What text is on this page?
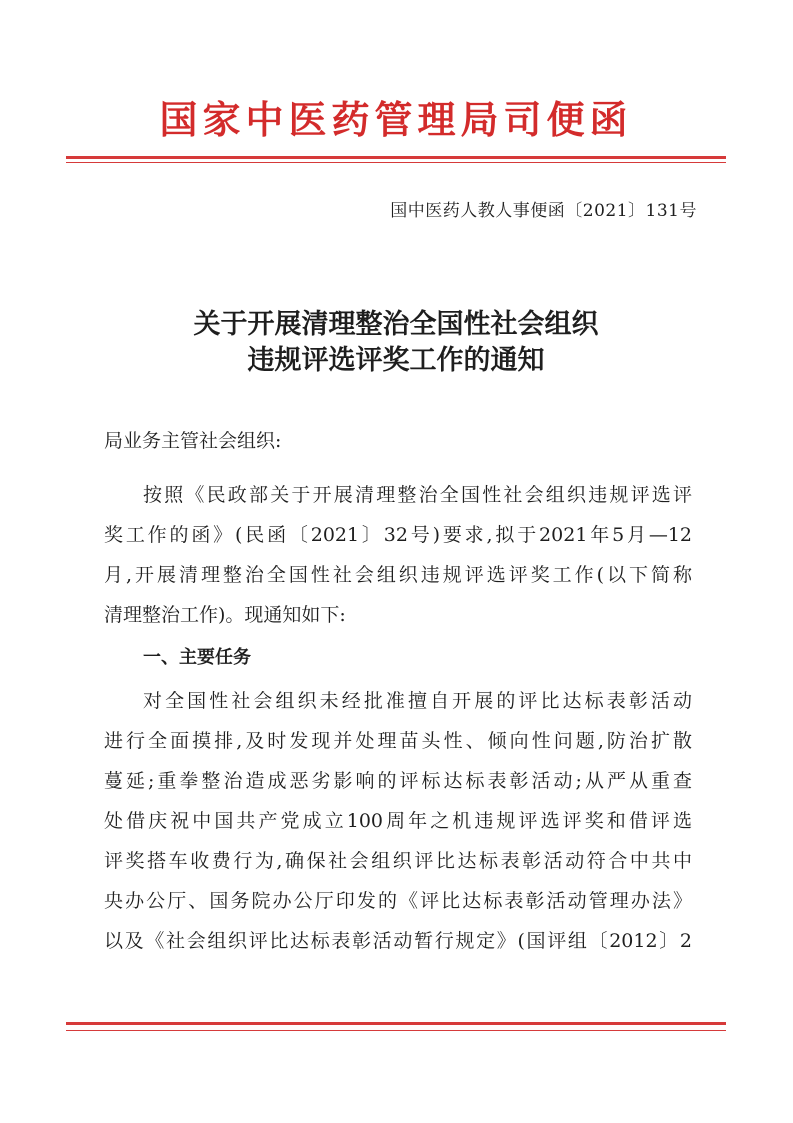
国家中医药管理局司便函
国中医药人教人事便函〔2021〕131号
关于开展清理整治全国性社会组织
违规评选评奖工作的通知
局业务主管社会组织:
按照《民政部关于开展清理整治全国性社会组织违规评选评
奖工作的函》(民函〔2021〕32号)要求,拟于2021年5月—12
月,开展清理整治全国性社会组织违规评选评奖工作(以下简称
清理整治工作)。现通知如下:
一、主要任务
对全国性社会组织未经批准擅自开展的评比达标表彰活动
进行全面摸排,及时发现并处理苗头性、倾向性问题,防治扩散
蔓延;重拳整治造成恶劣影响的评标达标表彰活动;从严从重查
处借庆祝中国共产党成立100周年之机违规评选评奖和借评选
评奖搭车收费行为,确保社会组织评比达标表彰活动符合中共中
央办公厅、国务院办公厅印发的《评比达标表彰活动管理办法》
以及《社会组织评比达标表彰活动暂行规定》(国评组〔2012〕2
